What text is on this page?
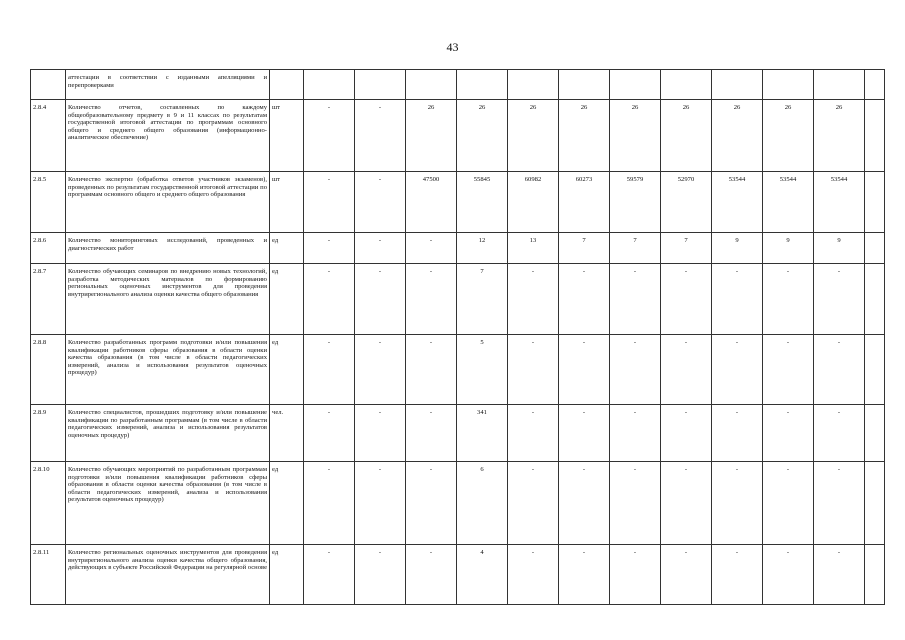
43
	аттестации в соответствии с изданными апелляциями и перепроверками													
2.8.4	Количество отчетов, составленных по каждому общеобразовательному предмету в 9 и 11 классах по результатам государственной итоговой аттестации по программам основного общего и среднего общего образования (информационно-аналитическое обеспечение)	шт	-	-	26	26	26	26	26	26	26	26	26	
2.8.5	Количество экспертиз (обработка ответов участников экзаменов), проведенных по результатам государственной итоговой аттестации по программам основного общего и среднего общего образования	шт	-	-	47500	55845	60982	60273	59579	52970	53544	53544	53544	
2.8.6	Количество мониторинговых исследований, проведенных и диагностических работ	ед	-	-	-	12	13	7	7	7	9	9	9	
2.8.7	Количество обучающих семинаров по внедрению новых технологий, разработка методических материалов по формированию региональных оценочных инструментов для проведения внутрирегионального анализа оценки качества общего образования	ед	-	-	-	7	-	-	-	-	-	-	-	
2.8.8	Количество разработанных программ подготовки и/или повышения квалификации работников сферы образования в области оценки качества образования (в том числе в области педагогических измерений, анализа и использования результатов оценочных процедур)	ед	-	-	-	5	-	-	-	-	-	-	-	
2.8.9	Количество специалистов, прошедших подготовку и/или повышение квалификации по разработанным программам (в том числе в области педагогических измерений, анализа и использования результатов оценочных процедур)	чел.	-	-	-	341	-	-	-	-	-	-	-	
2.8.10	Количество обучающих мероприятий по разработанным программам подготовки и/или повышения квалификации работников сферы образования в области оценки качества образования (в том числе в области педагогических измерений, анализа и использования результатов оценочных процедур)	ед	-	-	-	6	-	-	-	-	-	-	-	
2.8.11	Количество региональных оценочных инструментов для проведения внутрирегионального анализа оценки качества общего образования, действующих в субъекте Российской Федерации на регулярной основе	ед	-	-	-	4	-	-	-	-	-	-	-	
